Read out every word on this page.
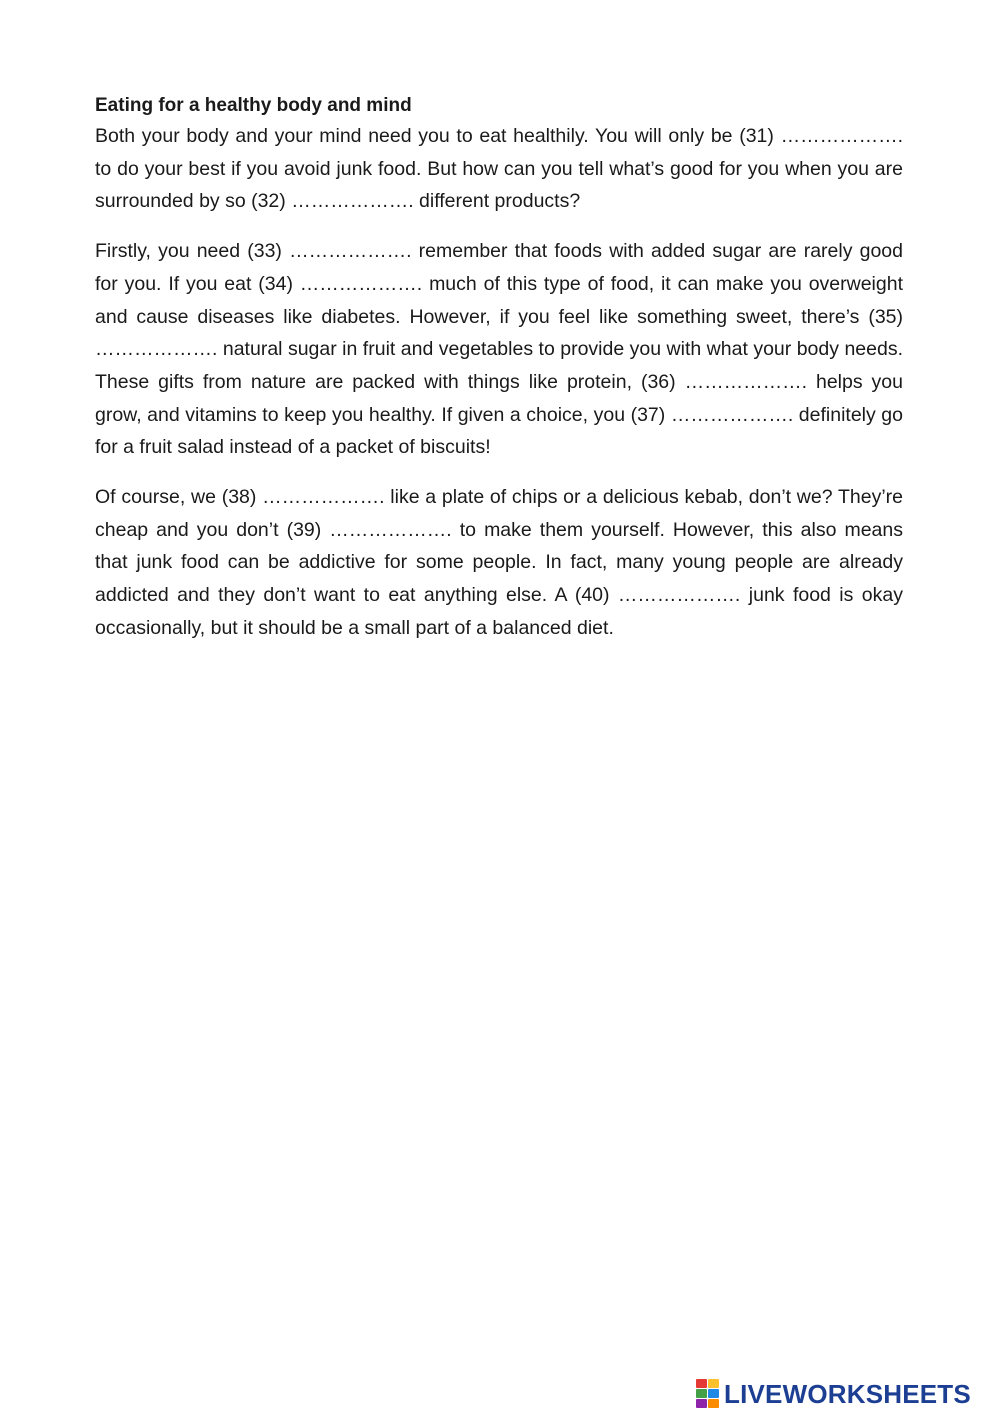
Eating for a healthy body and mind

Both your body and your mind need you to eat healthily. You will only be (31) ………………. to do your best if you avoid junk food. But how can you tell what’s good for you when you are surrounded by so (32) ………………. different products?

Firstly, you need (33) ………………. remember that foods with added sugar are rarely good for you. If you eat (34) ………………. much of this type of food, it can make you overweight and cause diseases like diabetes. However, if you feel like something sweet, there’s (35) ………………. natural sugar in fruit and vegetables to provide you with what your body needs. These gifts from nature are packed with things like protein, (36) ………………. helps you grow, and vitamins to keep you healthy. If given a choice, you (37) ………………. definitely go for a fruit salad instead of a packet of biscuits!

Of course, we (38) ………………. like a plate of chips or a delicious kebab, don’t we? They’re cheap and you don’t (39) ………………. to make them yourself. However, this also means that junk food can be addictive for some people. In fact, many young people are already addicted and they don’t want to eat anything else. A (40) ………………. junk food is okay occasionally, but it should be a small part of a balanced diet.

LIVEWORKSHEETS
